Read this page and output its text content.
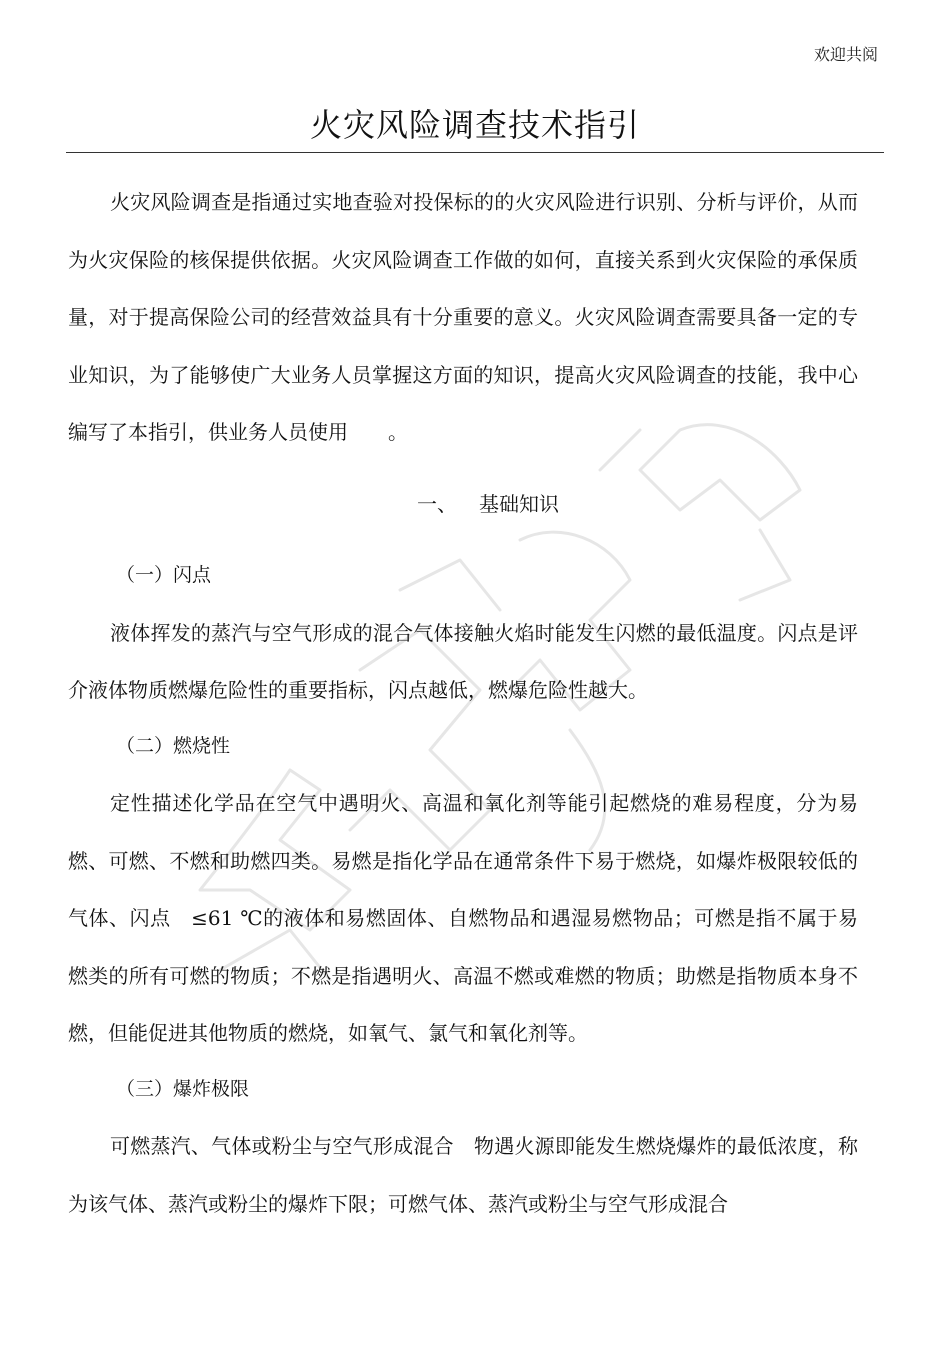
欢迎共阅
火灾风险调查技术指引

火灾风险调查是指通过实地查验对投保标的的火灾风险进行识别、分析与评价，从而为火灾保险的核保提供依据。火灾风险调查工作做的如何，直接关系到火灾保险的承保质量，对于提高保险公司的经营效益具有十分重要的意义。火灾风险调查需要具备一定的专业知识，为了能够使广大业务人员掌握这方面的知识，提高火灾风险调查的技能，我中心编写了本指引，供业务人员使用　　。

一、 基础知识
（一）闪点

液体挥发的蒸汽与空气形成的混合气体接触火焰时能发生闪燃的最低温度。闪点是评介液体物质燃爆危险性的重要指标，闪点越低，燃爆危险性越大。

（二）燃烧性

定性描述化学品在空气中遇明火、高温和氧化剂等能引起燃烧的难易程度，分为易燃、可燃、不燃和助燃四类。易燃是指化学品在通常条件下易于燃烧，如爆炸极限较低的气体、闪点　≤61 ℃的液体和易燃固体、自燃物品和遇湿易燃物品；可燃是指不属于易燃类的所有可燃的物质；不燃是指遇明火、高温不燃或难燃的物质；助燃是指物质本身不燃，但能促进其他物质的燃烧，如氧气、氯气和氧化剂等。

（三）爆炸极限

可燃蒸汽、气体或粉尘与空气形成混合　物遇火源即能发生燃烧爆炸的最低浓度，称为该气体、蒸汽或粉尘的爆炸下限；可燃气体、蒸汽或粉尘与空气形成混合
